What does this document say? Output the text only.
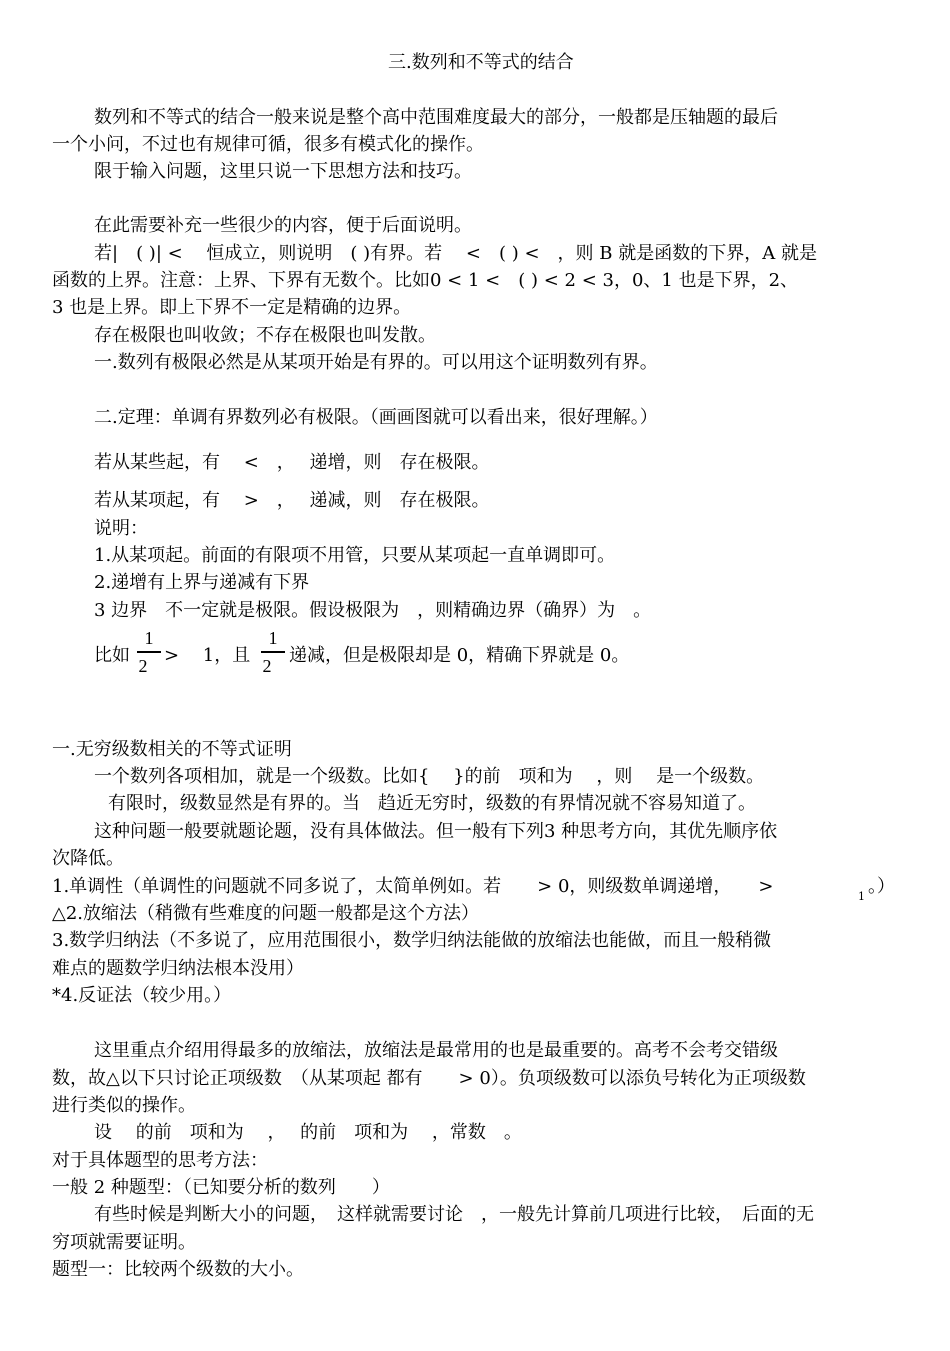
三.数列和不等式的结合
数列和不等式的结合一般来说是整个高中范围难度最大的部分，一般都是压轴题的最后
一个小问，不过也有规律可循，很多有模式化的操作。
限于输入问题，这里只说一下思想方法和技巧。
在此需要补充一些很少的内容，便于后面说明。
若|　( )| <　 恒成立，则说明　( )有界。若　 <　( ) <　，则 B 就是函数的下界，A 就是
函数的上界。注意：上界、下界有无数个。比如0 < 1 <　( ) < 2 < 3，0、1 也是下界，2、
3 也是上界。即上下界不一定是精确的边界。
存在极限也叫收敛；不存在极限也叫发散。
一.数列有极限必然是从某项开始是有界的。可以用这个证明数列有界。
二.定理：单调有界数列必有极限。（画画图就可以看出来，很好理解。）
若从某些起，有　 <　，　 递增，则　存在极限。
若从某项起，有　 >　，　 递减，则　存在极限。
说明：
1.从某项起。前面的有限项不用管，只要从某项起一直单调即可。
2.递增有上界与递减有下界
3 边界　不一定就是极限。假设极限为　，则精确边界（确界）为　。
比如
1
2 >　 1，且
1
2 递减，但是极限却是 0，精确下界就是 0。
一.无穷级数相关的不等式证明
一个数列各项相加，就是一个级数。比如{　 }的前　项和为　 ，则　 是一个级数。
有限时，级数显然是有界的。当　趋近无穷时，级数的有界情况就不容易知道了。
这种问题一般要就题论题，没有具体做法。但一般有下列3 种思考方向，其优先顺序依
次降低。
1.单调性（单调性的问题就不同多说了，太简单例如。若　　> 0，则级数单调递增，　　>	1 。）
△2.放缩法（稍微有些难度的问题一般都是这个方法）
3.数学归纳法（不多说了，应用范围很小，数学归纳法能做的放缩法也能做，而且一般稍微
难点的题数学归纳法根本没用）
*4.反证法（较少用。）
这里重点介绍用得最多的放缩法，放缩法是最常用的也是最重要的。高考不会考交错级
数，故△以下只讨论正项级数　（从某项起 都有　　> 0）。负项级数可以添负号转化为正项级数
进行类似的操作。
设　 的前　项和为　 ，　 的前　项和为　 ，常数　。
对于具体题型的思考方法：
一般 2 种题型：（已知要分析的数列　　）
有些时候是判断大小的问题，　这样就需要讨论　，一般先计算前几项进行比较，　后面的无
穷项就需要证明。
题型一：比较两个级数的大小。
